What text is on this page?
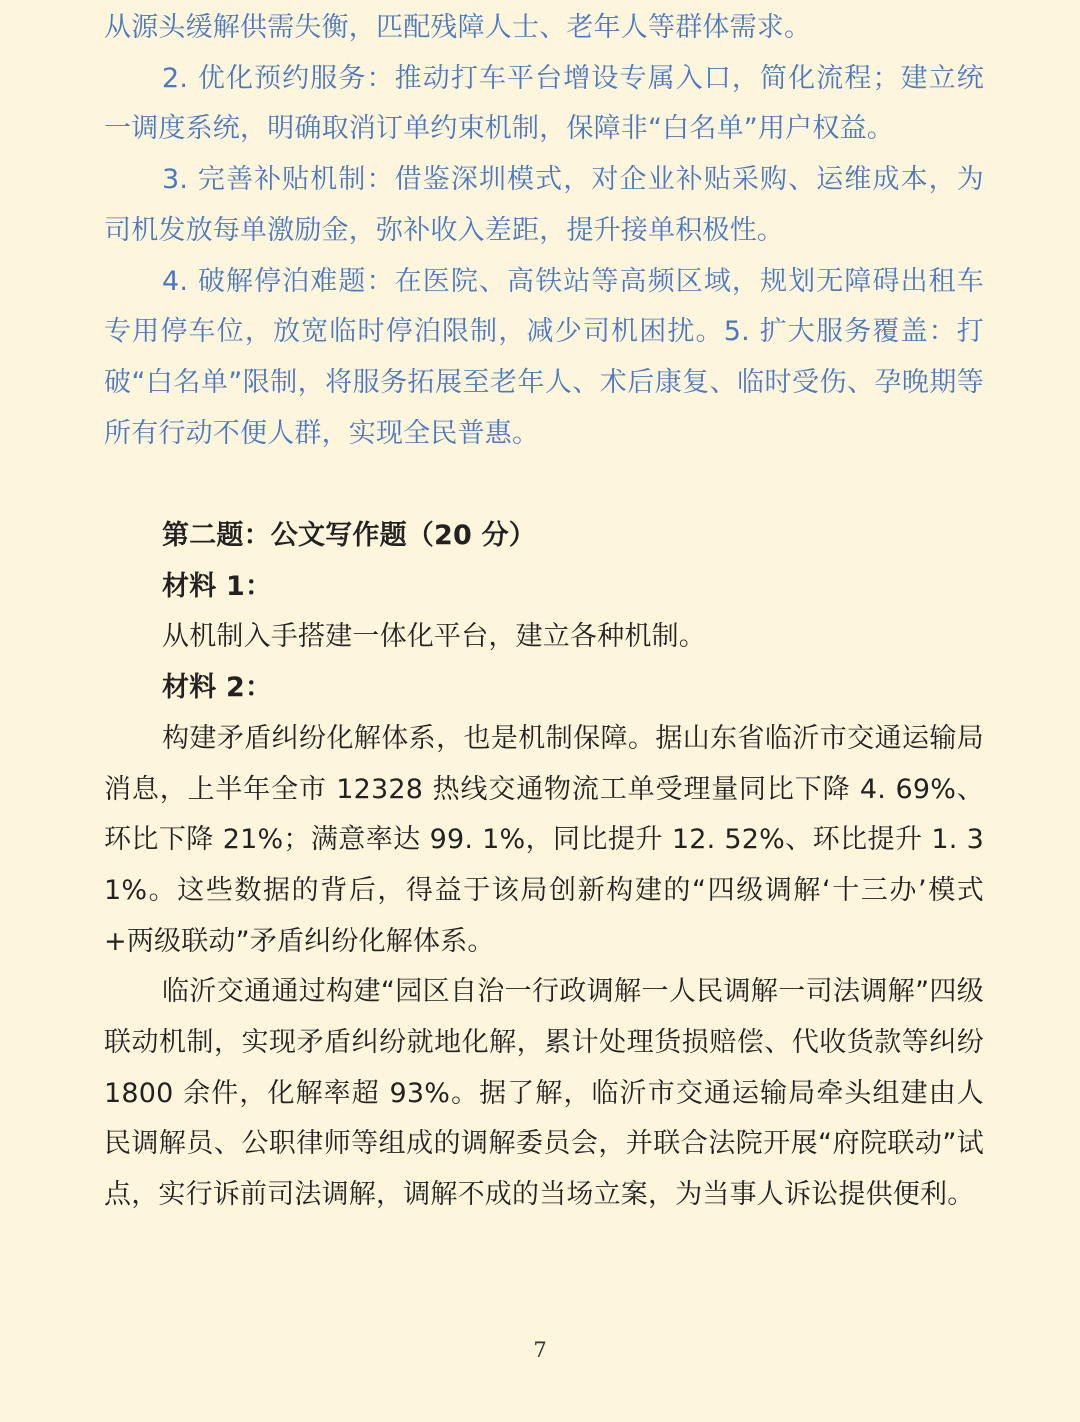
从源头缓解供需失衡，匹配残障人士、老年人等群体需求。

2. 优化预约服务：推动打车平台增设专属入口，简化流程；建立统一调度系统，明确取消订单约束机制，保障非“白名单”用户权益。

3. 完善补贴机制：借鉴深圳模式，对企业补贴采购、运维成本，为司机发放每单激励金，弥补收入差距，提升接单积极性。

4. 破解停泊难题：在医院、高铁站等高频区域，规划无障碍出租车专用停车位，放宽临时停泊限制，减少司机困扰。5. 扩大服务覆盖：打破“白名单”限制，将服务拓展至老年人、术后康复、临时受伤、孕晚期等所有行动不便人群，实现全民普惠。

第二题：公文写作题（20 分）

材料 1：

从机制入手搭建一体化平台，建立各种机制。

材料 2：

构建矛盾纠纷化解体系，也是机制保障。据山东省临沂市交通运输局消息，上半年全市 12328 热线交通物流工单受理量同比下降 4. 69%、环比下降 21%；满意率达 99. 1%，同比提升 12. 52%、环比提升 1. 31%。这些数据的背后，得益于该局创新构建的“四级调解‘十三办’模式+两级联动”矛盾纠纷化解体系。

临沂交通通过构建“园区自治一行政调解一人民调解一司法调解”四级联动机制，实现矛盾纠纷就地化解，累计处理货损赔偿、代收货款等纠纷 1800 余件，化解率超 93%。据了解，临沂市交通运输局牵头组建由人民调解员、公职律师等组成的调解委员会，并联合法院开展“府院联动”试点，实行诉前司法调解，调解不成的当场立案，为当事人诉讼提供便利。

7
